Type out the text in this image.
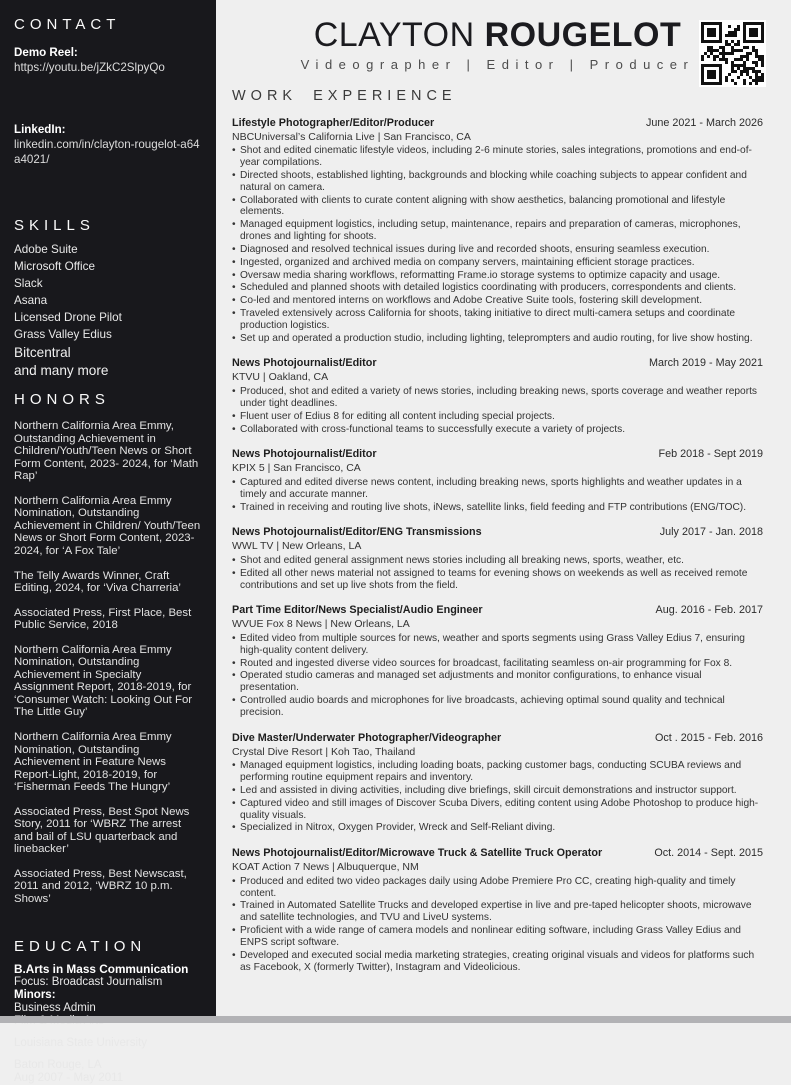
CONTACT
Demo Reel:
https://youtu.be/jZkC2SlpyQo
LinkedIn:
linkedin.com/in/clayton-rougelot-a64a4021/
SKILLS
Adobe Suite
Microsoft Office
Slack
Asana
Licensed Drone Pilot
Grass Valley Edius
Bitcentral
and many more
HONORS
Northern California Area Emmy, Outstanding Achievement in Children/Youth/Teen News or Short Form Content, 2023- 2024, for ‘Math Rap’
Northern California Area Emmy Nomination, Outstanding Achievement in Children/ Youth/Teen News or Short Form Content, 2023-2024, for ‘A Fox Tale’
The Telly Awards Winner, Craft Editing, 2024, for ‘Viva Charreria’
Associated Press, First Place, Best Public Service, 2018
Northern California Area Emmy Nomination, Outstanding Achievement in Specialty Assignment Report, 2018-2019, for ‘Consumer Watch: Looking Out For The Little Guy’
Northern California Area Emmy Nomination, Outstanding Achievement in Feature News Report-Light, 2018-2019, for ‘Fisherman Feeds The Hungry’
Associated Press, Best Spot News Story, 2011 for ‘WBRZ The arrest and bail of LSU quarterback and linebacker’
Associated Press, Best Newscast, 2011 and 2012, ‘WBRZ 10 p.m. Shows’
EDUCATION
B.Arts in Mass Communication
Focus: Broadcast Journalism
Minors:
Business Admin
Louisiana State University
Baton Rouge, LA
Aug 2007 - May 2011
CLAYTON ROUGELOT
Videographer | Editor | Producer
WORK EXPERIENCE
Lifestyle Photographer/Editor/Producer	June 2021 - March 2026
NBCUniversal’s California Live | San Francisco, CA
• Shot and edited cinematic lifestyle videos, including 2-6 minute stories, sales integrations, promotions and end-of-year compilations.
• Directed shoots, established lighting, backgrounds and blocking while coaching subjects to appear confident and natural on camera.
• Collaborated with clients to curate content aligning with show aesthetics, balancing promotional and lifestyle elements.
• Managed equipment logistics, including setup, maintenance, repairs and preparation of cameras, microphones, drones and lighting for shoots.
• Diagnosed and resolved technical issues during live and recorded shoots, ensuring seamless execution.
• Ingested, organized and archived media on company servers, maintaining efficient storage practices.
• Oversaw media sharing workflows, reformatting Frame.io storage systems to optimize capacity and usage.
• Scheduled and planned shoots with detailed logistics coordinating with producers, correspondents and clients.
• Co-led and mentored interns on workflows and Adobe Creative Suite tools, fostering skill development.
• Traveled extensively across California for shoots, taking initiative to direct multi-camera setups and coordinate production logistics.
• Set up and operated a production studio, including lighting, teleprompters and audio routing, for live show hosting.
News Photojournalist/Editor	March 2019 - May 2021
KTVU | Oakland, CA
• Produced, shot and edited a variety of news stories, including breaking news, sports coverage and weather reports under tight deadlines.
• Fluent user of Edius 8 for editing all content including special projects.
• Collaborated with cross-functional teams to successfully execute a variety of projects.
News Photojournalist/Editor	Feb 2018 - Sept 2019
KPIX 5 | San Francisco, CA
• Captured and edited diverse news content, including breaking news, sports highlights and weather updates in a timely and accurate manner.
• Trained in receiving and routing live shots, iNews, satellite links, field feeding and FTP contributions (ENG/TOC).
News Photojournalist/Editor/ENG Transmissions	July 2017 - Jan. 2018
WWL TV | New Orleans, LA
• Shot and edited general assignment news stories including all breaking news, sports, weather, etc.
• Edited all other news material not assigned to teams for evening shows on weekends as well as received remote contributions and set up live shots from the field.
Part Time Editor/News Specialist/Audio Engineer	Aug. 2016 - Feb. 2017
WVUE Fox 8 News | New Orleans, LA
• Edited video from multiple sources for news, weather and sports segments using Grass Valley Edius 7, ensuring high-quality content delivery.
• Routed and ingested diverse video sources for broadcast, facilitating seamless on-air programming for Fox 8.
• Operated studio cameras and managed set adjustments and monitor configurations, to enhance visual presentation.
• Controlled audio boards and microphones for live broadcasts, achieving optimal sound quality and technical precision.
Dive Master/Underwater Photographer/Videographer	Oct . 2015 - Feb. 2016
Crystal Dive Resort | Koh Tao, Thailand
• Managed equipment logistics, including loading boats, packing customer bags, conducting SCUBA reviews and performing routine equipment repairs and inventory.
• Led and assisted in diving activities, including dive briefings, skill circuit demonstrations and instructor support.
• Captured video and still images of Discover Scuba Divers, editing content using Adobe Photoshop to produce high-quality visuals.
• Specialized in Nitrox, Oxygen Provider, Wreck and Self-Reliant diving.
News Photojournalist/Editor/Microwave Truck & Satellite Truck Operator	Oct. 2014 - Sept. 2015
KOAT Action 7 News | Albuquerque, NM
• Produced and edited two video packages daily using Adobe Premiere Pro CC, creating high-quality and timely content.
• Trained in Automated Satellite Trucks and developed expertise in live and pre-taped helicopter shoots, microwave and satellite technologies, and TVU and LiveU systems.
• Proficient with a wide range of camera models and nonlinear editing software, including Grass Valley Edius and ENPS script software.
• Developed and executed social media marketing strategies, creating original visuals and videos for platforms such as Facebook, X (formerly Twitter), Instagram and Videolicious.
